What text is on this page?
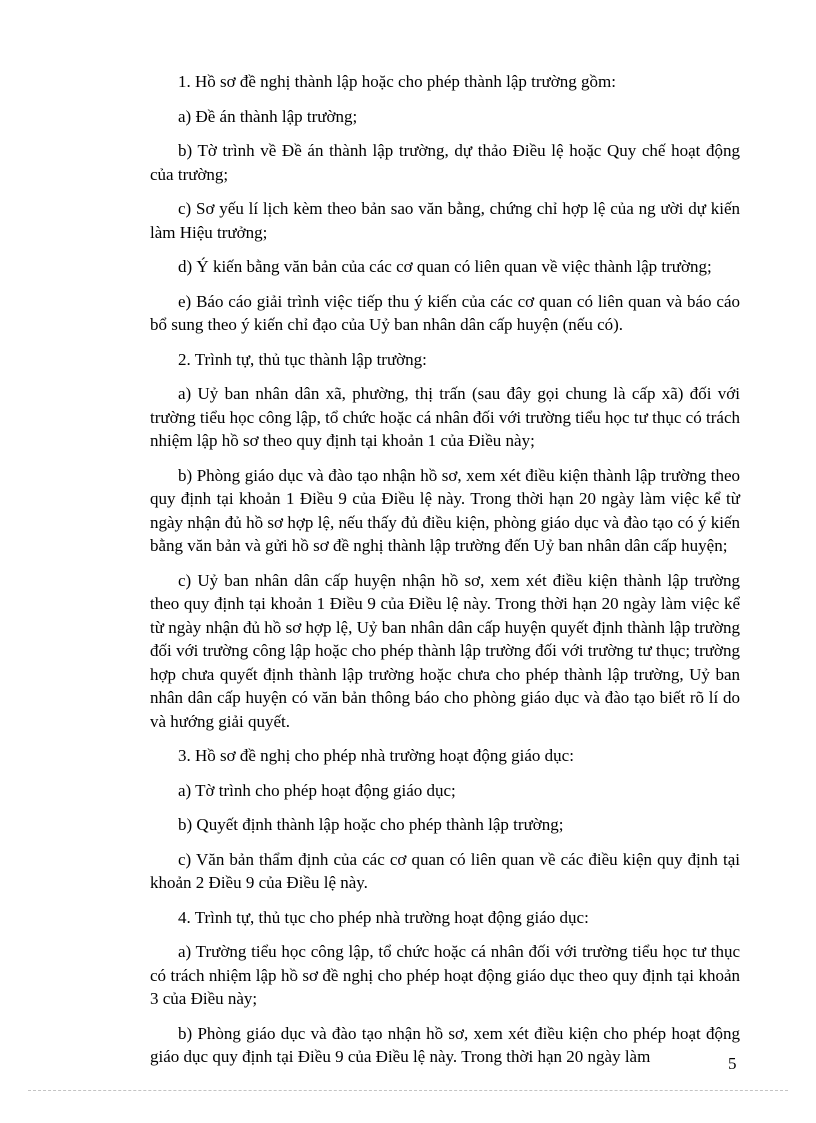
1. Hồ sơ đề nghị thành lập hoặc cho phép thành lập trường gồm:

a) Đề án thành lập trường;

b) Tờ trình về Đề án thành lập trường, dự thảo Điều lệ hoặc Quy chế hoạt động của trường;

c) Sơ yếu lí lịch kèm theo bản sao văn bằng, chứng chỉ hợp lệ của ng ười dự kiến làm Hiệu trưởng;

d) Ý kiến bằng văn bản của các cơ quan có liên quan về việc thành lập trường;

e) Báo cáo giải trình việc tiếp thu ý kiến của các cơ quan có liên quan và báo cáo bổ sung theo ý kiến chỉ đạo của Uỷ ban nhân dân cấp huyện (nếu có).

2. Trình tự, thủ tục thành lập trường:

a) Uỷ ban nhân dân xã, phường, thị trấn (sau đây gọi chung là cấp xã) đối với trường tiểu học công lập, tổ chức hoặc cá nhân đối với trường tiểu học tư thục có trách nhiệm lập hồ sơ theo quy định tại khoản 1 của Điều này;

b) Phòng giáo dục và đào tạo nhận hồ sơ, xem xét điều kiện thành lập trường theo quy định tại khoản 1 Điều 9 của Điều lệ này. Trong thời hạn 20 ngày làm việc kể từ ngày nhận đủ hồ sơ hợp lệ, nếu thấy đủ điều kiện, phòng giáo dục và đào tạo có ý kiến bằng văn bản và gửi hồ sơ đề nghị thành lập trường đến Uỷ ban nhân dân cấp huyện;

c) Uỷ ban nhân dân cấp huyện nhận hồ sơ, xem xét điều kiện thành lập trường theo quy định tại khoản 1 Điều 9 của Điều lệ này. Trong thời hạn 20 ngày làm việc kể từ ngày nhận đủ hồ sơ hợp lệ, Uỷ ban nhân dân cấp huyện quyết định thành lập trường đối với trường công lập hoặc cho phép thành lập trường đối với trường tư thục; trường hợp chưa quyết định thành lập trường hoặc chưa cho phép thành lập trường, Uỷ ban nhân dân cấp huyện có văn bản thông báo cho phòng giáo dục và đào tạo biết rõ lí do và hướng giải quyết.

3. Hồ sơ đề nghị cho phép nhà trường hoạt động giáo dục:

a) Tờ trình cho phép hoạt động giáo dục;

b) Quyết định thành lập hoặc cho phép thành lập trường;

c) Văn bản thẩm định của các cơ quan có liên quan về các điều kiện quy định tại khoản 2 Điều 9 của Điều lệ này.

4. Trình tự, thủ tục cho phép nhà trường hoạt động giáo dục:

a) Trường tiểu học công lập, tổ chức hoặc cá nhân đối với trường tiểu học tư thục có trách nhiệm lập hồ sơ đề nghị cho phép hoạt động giáo dục theo quy định tại khoản 3 của Điều này;

b) Phòng giáo dục và đào tạo nhận hồ sơ, xem xét điều kiện cho phép hoạt động giáo dục quy định tại Điều 9 của Điều lệ này. Trong thời hạn 20 ngày làm	5
